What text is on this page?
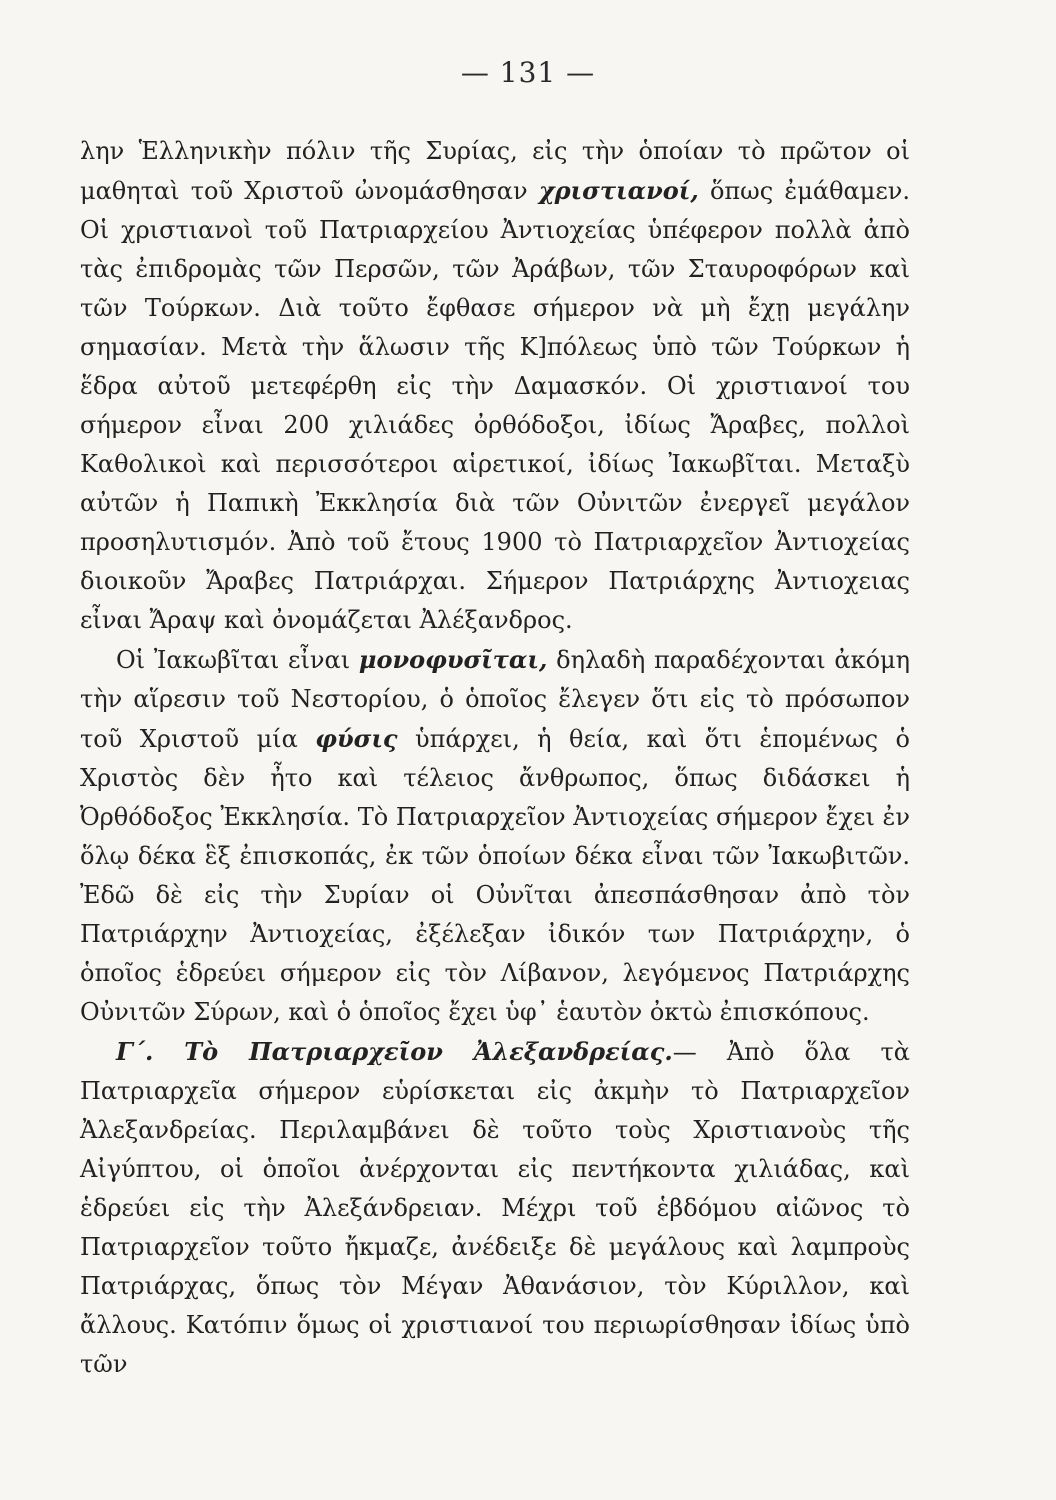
— 131 —

λην Ἑλληνικὴν πόλιν τῆς Συρίας, εἰς τὴν ὁποίαν τὸ πρῶτον οἱ μαθηταὶ τοῦ Χριστοῦ ὠνομάσθησαν χριστιανοί, ὅπως ἐμάθαμεν. Οἱ χριστιανοὶ τοῦ Πατριαρχείου Ἀντιοχείας ὑπέφερον πολλὰ ἀπὸ τὰς ἐπιδρομὰς τῶν Περσῶν, τῶν Ἀράβων, τῶν Σταυροφόρων καὶ τῶν Τούρκων. Διὰ τοῦτο ἔφθασε σήμερον νὰ μὴ ἔχῃ μεγάλην σημασίαν. Μετὰ τὴν ἅλωσιν τῆς Κ]πόλεως ὑπὸ τῶν Τούρκων ἡ ἕδρα αὐτοῦ μετεφέρθη εἰς τὴν Δαμασκόν. Οἱ χριστιανοί του σήμερον εἶναι 200 χιλιάδες ὀρθόδοξοι, ἰδίως Ἄραβες, πολλοὶ Καθολικοὶ καὶ περισσότεροι αἱρετικοί, ἰδίως Ἰακωβῖται. Μεταξὺ αὐτῶν ἡ Παπικὴ Ἐκκλησία διὰ τῶν Οὐνιτῶν ἐνεργεῖ μεγάλον προσηλυτισμόν. Ἀπὸ τοῦ ἔτους 1900 τὸ Πατριαρχεῖον Ἀντιοχείας διοικοῦν Ἄραβες Πατριάρχαι. Σήμερον Πατριάρχης Ἀντιοχειας εἶναι Ἄραψ καὶ ὀνομάζεται Ἀλέξανδρος.

Οἱ Ἰακωβῖται εἶναι μονοφυσῖται, δηλαδὴ παραδέχονται ἀκόμη τὴν αἵρεσιν τοῦ Νεστορίου, ὁ ὁποῖος ἔλεγεν ὅτι εἰς τὸ πρόσωπον τοῦ Χριστοῦ μία φύσις ὑπάρχει, ἡ θεία, καὶ ὅτι ἑπομένως ὁ Χριστὸς δὲν ἦτο καὶ τέλειος ἄνθρωπος, ὅπως διδάσκει ἡ Ὀρθόδοξος Ἐκκλησία. Τὸ Πατριαρχεῖον Ἀντιοχείας σήμερον ἔχει ἐν ὅλῳ δέκα ἓξ ἐπισκοπάς, ἐκ τῶν ὁποίων δέκα εἶναι τῶν Ἰακωβιτῶν. Ἐδῶ δὲ εἰς τὴν Συρίαν οἱ Οὐνῖται ἀπεσπάσθησαν ἀπὸ τὸν Πατριάρχην Ἀντιοχείας, ἐξέλεξαν ἰδικόν των Πατριάρχην, ὁ ὁποῖος ἑδρεύει σήμερον εἰς τὸν Λίβανον, λεγόμενος Πατριάρχης Οὐνιτῶν Σύρων, καὶ ὁ ὁποῖος ἔχει ὑφ᾽ ἑαυτὸν ὀκτὼ ἐπισκόπους.

Γ΄. Τὸ Πατριαρχεῖον Ἀλεξανδρείας.— Ἀπὸ ὅλα τὰ Πατριαρχεῖα σήμερον εὑρίσκεται εἰς ἀκμὴν τὸ Πατριαρχεῖον Ἀλεξανδρείας. Περιλαμβάνει δὲ τοῦτο τοὺς Χριστιανοὺς τῆς Αἰγύπτου, οἱ ὁποῖοι ἀνέρχονται εἰς πεντήκοντα χιλιάδας, καὶ ἑδρεύει εἰς τὴν Ἀλεξάνδρειαν. Μέχρι τοῦ ἑβδόμου αἰῶνος τὸ Πατριαρχεῖον τοῦτο ἤκμαζε, ἀνέδειξε δὲ μεγάλους καὶ λαμπροὺς Πατριάρχας, ὅπως τὸν Μέγαν Ἀθανάσιον, τὸν Κύριλλον, καὶ ἄλλους. Κατόπιν ὅμως οἱ χριστιανοί του περιωρίσθησαν ἰδίως ὑπὸ τῶν
